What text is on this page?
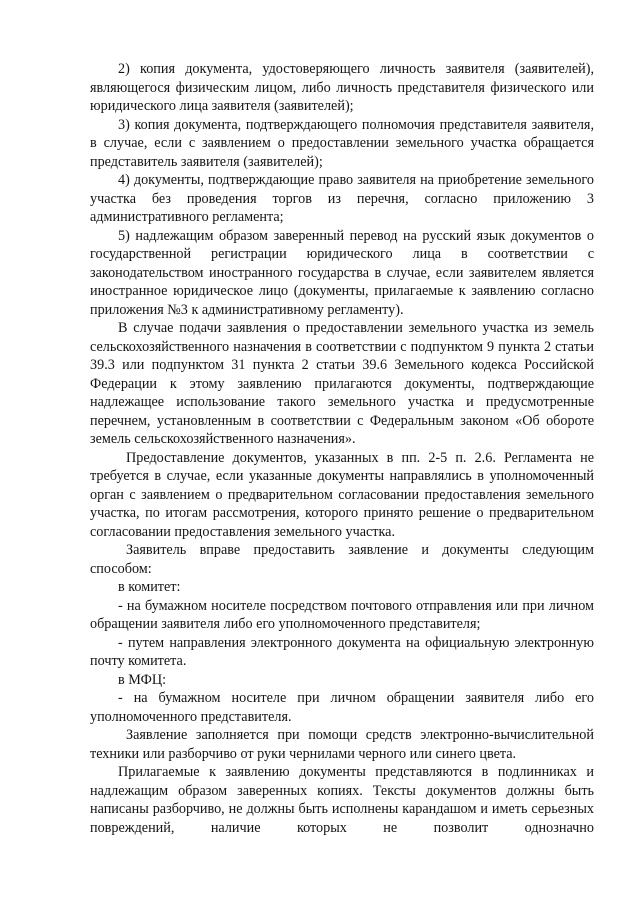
2) копия документа, удостоверяющего личность заявителя (заявителей), являющегося физическим лицом, либо личность представителя физического или юридического лица заявителя (заявителей);

3) копия документа, подтверждающего полномочия представителя заявителя, в случае, если с заявлением о предоставлении земельного участка обращается представитель заявителя (заявителей);

4) документы, подтверждающие право заявителя на приобретение земельного участка без проведения торгов из перечня, согласно приложению 3 административного регламента;

5) надлежащим образом заверенный перевод на русский язык документов о государственной регистрации юридического лица в соответствии с законодательством иностранного государства в случае, если заявителем является иностранное юридическое лицо (документы, прилагаемые к заявлению согласно приложения №3 к административному регламенту).

В случае подачи заявления о предоставлении земельного участка из земель сельскохозяйственного назначения в соответствии с подпунктом 9 пункта 2 статьи 39.3 или подпунктом 31 пункта 2 статьи 39.6 Земельного кодекса Российской Федерации к этому заявлению прилагаются документы, подтверждающие надлежащее использование такого земельного участка и предусмотренные перечнем, установленным в соответствии с Федеральным законом «Об обороте земель сельскохозяйственного назначения».

Предоставление документов, указанных в пп. 2-5 п. 2.6. Регламента не требуется в случае, если указанные документы направлялись в уполномоченный орган с заявлением о предварительном согласовании предоставления земельного участка, по итогам рассмотрения, которого принято решение о предварительном согласовании предоставления земельного участка.

Заявитель вправе предоставить заявление и документы следующим способом:

в комитет:

- на бумажном носителе посредством почтового отправления или при личном обращении заявителя либо его уполномоченного представителя;

- путем направления электронного документа на официальную электронную почту комитета.

в МФЦ:

- на бумажном носителе при личном обращении заявителя либо его уполномоченного представителя.

Заявление заполняется при помощи средств электронно-вычислительной техники или разборчиво от руки чернилами черного или синего цвета.

Прилагаемые к заявлению документы представляются в подлинниках и надлежащим образом заверенных копиях. Тексты документов должны быть написаны разборчиво, не должны быть исполнены карандашом и иметь серьезных повреждений, наличие которых не позволит однозначно
